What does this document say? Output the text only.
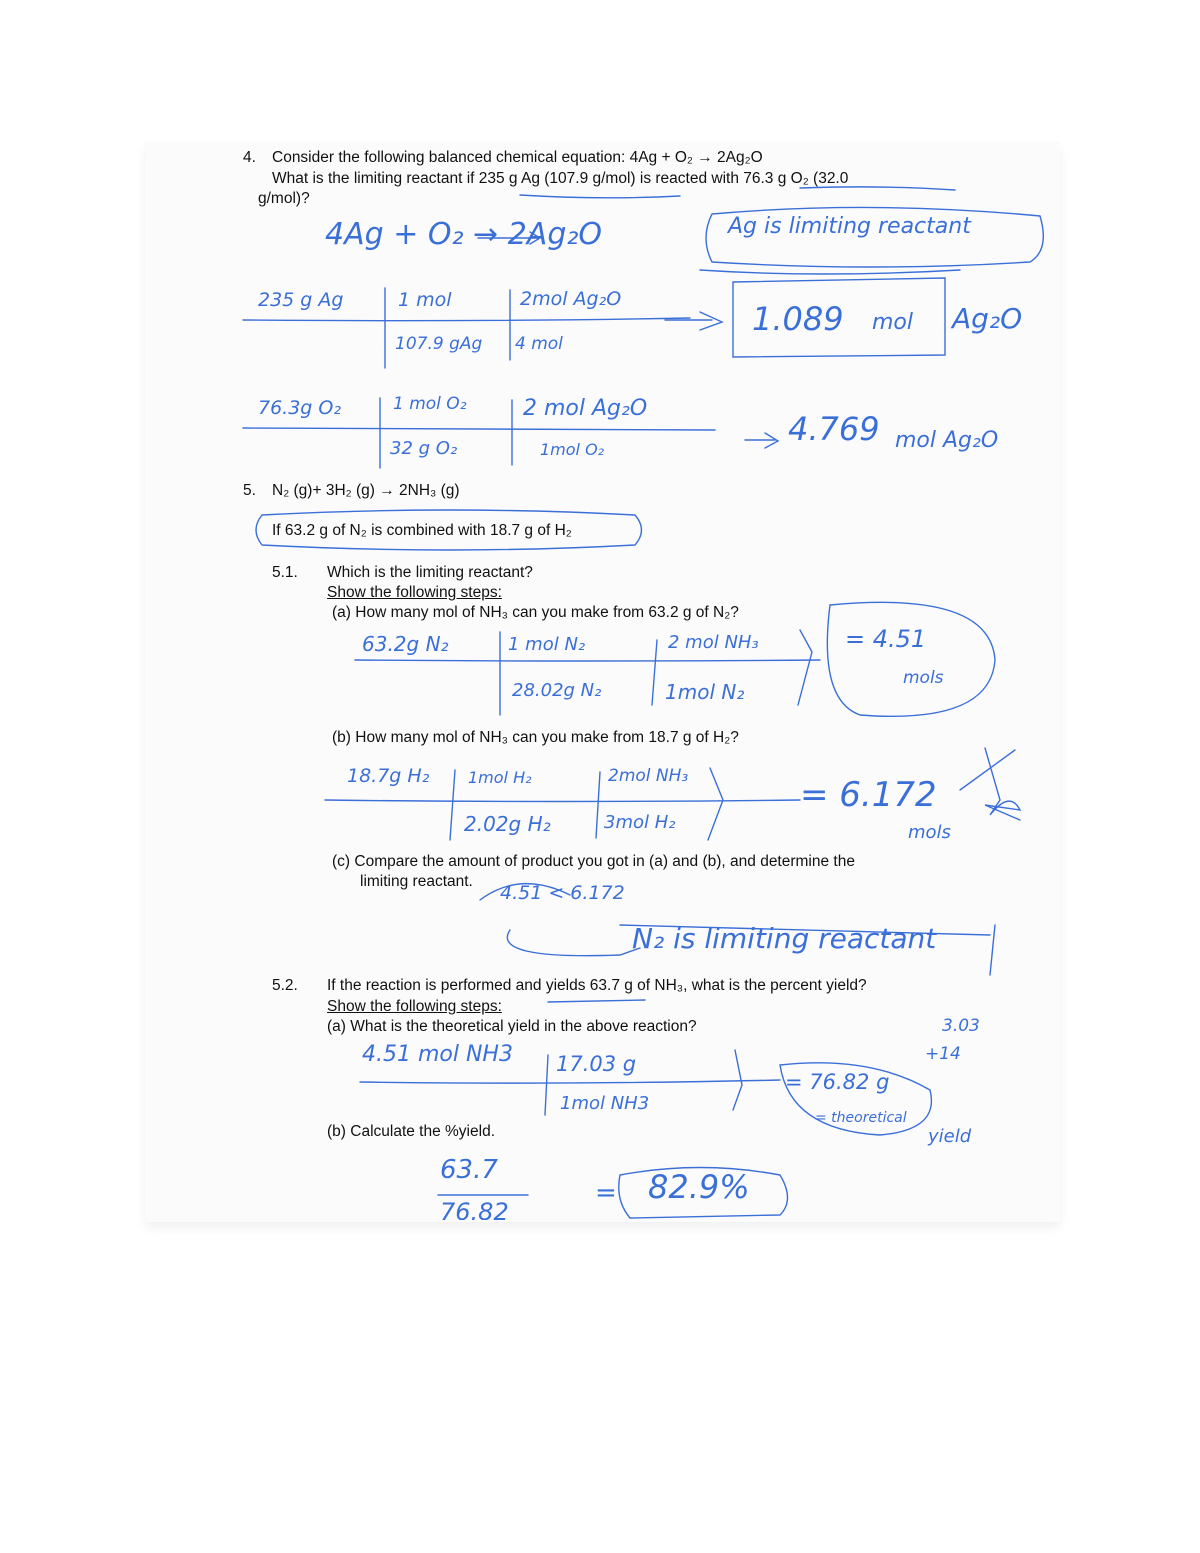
4. Consider the following balanced chemical equation: 4Ag + O₂ → 2Ag₂O
What is the limiting reactant if 235 g Ag (107.9 g/mol) is reacted with 76.3 g O₂ (32.0
g/mol)?
5. N₂ (g)+ 3H₂ (g) → 2NH₃ (g)
If 63.2 g of N₂ is combined with 18.7 g of H₂
5.1. Which is the limiting reactant?
Show the following steps:
(a) How many mol of NH₃ can you make from 63.2 g of N₂?
(b) How many mol of NH₃ can you make from 18.7 g of H₂?
(c) Compare the amount of product you got in (a) and (b), and determine the
limiting reactant.
5.2. If the reaction is performed and yields 63.7 g of NH₃, what is the percent yield?
Show the following steps:
(a) What is the theoretical yield in the above reaction?
(b) Calculate the %yield.
4Ag + O₂ → 2Ag₂O	Ag is limiting reactant
235 g Ag	1 mol	2mol Ag₂O
107.9 gAg 4 mol
1.089 mol Ag₂O
76.3g O₂	1 mol O₂	2 mol Ag₂O
32 g O₂	1mol O₂
4.769 mol Ag₂O
63.2g N₂	1 mol N₂	2 mol NH₃
28.02g N₂	1mol N₂
= 4.51
mols
18.7g H₂ 1mol H₂	2mol NH₃
2.02g H₂	3mol H₂
= 6.172
mols
4.51 < 6.172
N₂ is limiting reactant
3.03
+14
4.51 mol NH3 17.03 g
1mol NH3
= 76.82 g
= theoretical
yield
63.7
76.82
= 82.9%
